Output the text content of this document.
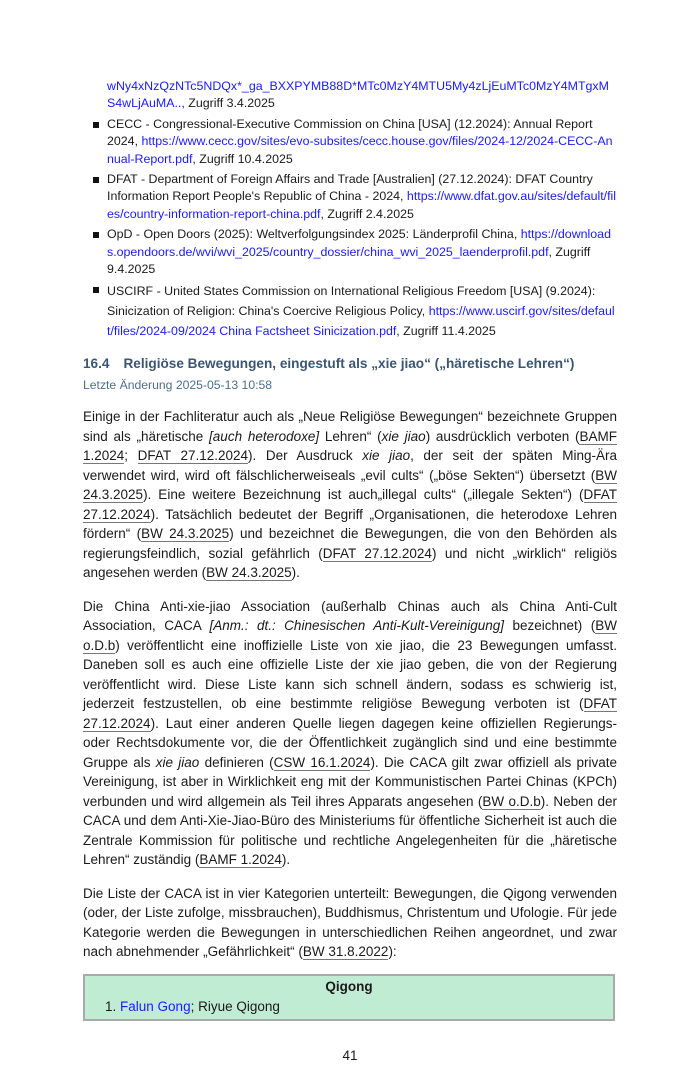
wNy4xNzQzNTc5NDQx*_ga_BXXPYMB88D*MTc0MzY4MTU5My4zLjEuMTc0MzY4MTgxMS4wLjAuMA.., Zugriff 3.4.2025
CECC - Congressional-Executive Commission on China [USA] (12.2024): Annual Report 2024, https://www.cecc.gov/sites/evo-subsites/cecc.house.gov/files/2024-12/2024-CECC-Annual-Report.pdf, Zugriff 10.4.2025
DFAT - Department of Foreign Affairs and Trade [Australien] (27.12.2024): DFAT Country Information Report People's Republic of China - 2024, https://www.dfat.gov.au/sites/default/files/country-information-report-china.pdf, Zugriff 2.4.2025
OpD - Open Doors (2025): Weltverfolgungsindex 2025: Länderprofil China, https://downloads.opendoors.de/wvi/wvi_2025/country_dossier/china_wvi_2025_laenderprofil.pdf, Zugriff 9.4.2025
USCIRF - United States Commission on International Religious Freedom [USA] (9.2024): Sinicization of Religion: China's Coercive Religious Policy, https://www.uscirf.gov/sites/default/files/2024-09/2024 China Factsheet Sinicization.pdf, Zugriff 11.4.2025
16.4 Religiöse Bewegungen, eingestuft als „xie jiao“ („häretische Lehren“)
Letzte Änderung 2025-05-13 10:58

Einige in der Fachliteratur auch als „Neue Religiöse Bewegungen“ bezeichnete Gruppen sind als „häretische [auch heterodoxe] Lehren“ (xie jiao) ausdrücklich verboten (BAMF 1.2024; DFAT 27.12.2024). Der Ausdruck xie jiao, der seit der späten Ming-Ära verwendet wird, wird oft fälschlicherweiseals „evil cults“ („böse Sekten“) übersetzt (BW 24.3.2025). Eine weitere Bezeichnung ist auch„illegal cults“ („illegale Sekten“) (DFAT 27.12.2024). Tatsächlich bedeutet der Begriff „Organisationen, die heterodoxe Lehren fördern“ (BW 24.3.2025) und bezeichnet die Bewegungen, die von den Behörden als regierungsfeindlich, sozial gefährlich (DFAT 27.12.2024) und nicht „wirklich“ religiös angesehen werden (BW 24.3.2025).

Die China Anti-xie-jiao Association (außerhalb Chinas auch als China Anti-Cult Association, CACA [Anm.: dt.: Chinesischen Anti-Kult-Vereinigung] bezeichnet) (BW o.D.b) veröffentlicht eine inoffizielle Liste von xie jiao, die 23 Bewegungen umfasst. Daneben soll es auch eine offizielle Liste der xie jiao geben, die von der Regierung veröffentlicht wird. Diese Liste kann sich schnell ändern, sodass es schwierig ist, jederzeit festzustellen, ob eine bestimmte religiöse Bewegung verboten ist (DFAT 27.12.2024). Laut einer anderen Quelle liegen dagegen keine offiziellen Regierungs- oder Rechtsdokumente vor, die der Öffentlichkeit zugänglich sind und eine bestimmte Gruppe als xie jiao definieren (CSW 16.1.2024). Die CACA gilt zwar offiziell als private Vereinigung, ist aber in Wirklichkeit eng mit der Kommunistischen Partei Chinas (KPCh) verbunden und wird allgemein als Teil ihres Apparats angesehen (BW o.D.b). Neben der CACA und dem Anti-Xie-Jiao-Büro des Ministeriums für öffentliche Sicherheit ist auch die Zentrale Kommission für politische und rechtliche Angelegenheiten für die „häretische Lehren“ zuständig (BAMF 1.2024).

Die Liste der CACA ist in vier Kategorien unterteilt: Bewegungen, die Qigong verwenden (oder, der Liste zufolge, missbrauchen), Buddhismus, Christentum und Ufologie. Für jede Kategorie werden die Bewegungen in unterschiedlichen Reihen angeordnet, und zwar nach abnehmender „Gefährlichkeit“ (BW 31.8.2022):

Qigong
1. Falun Gong; Riyue Qigong
41
